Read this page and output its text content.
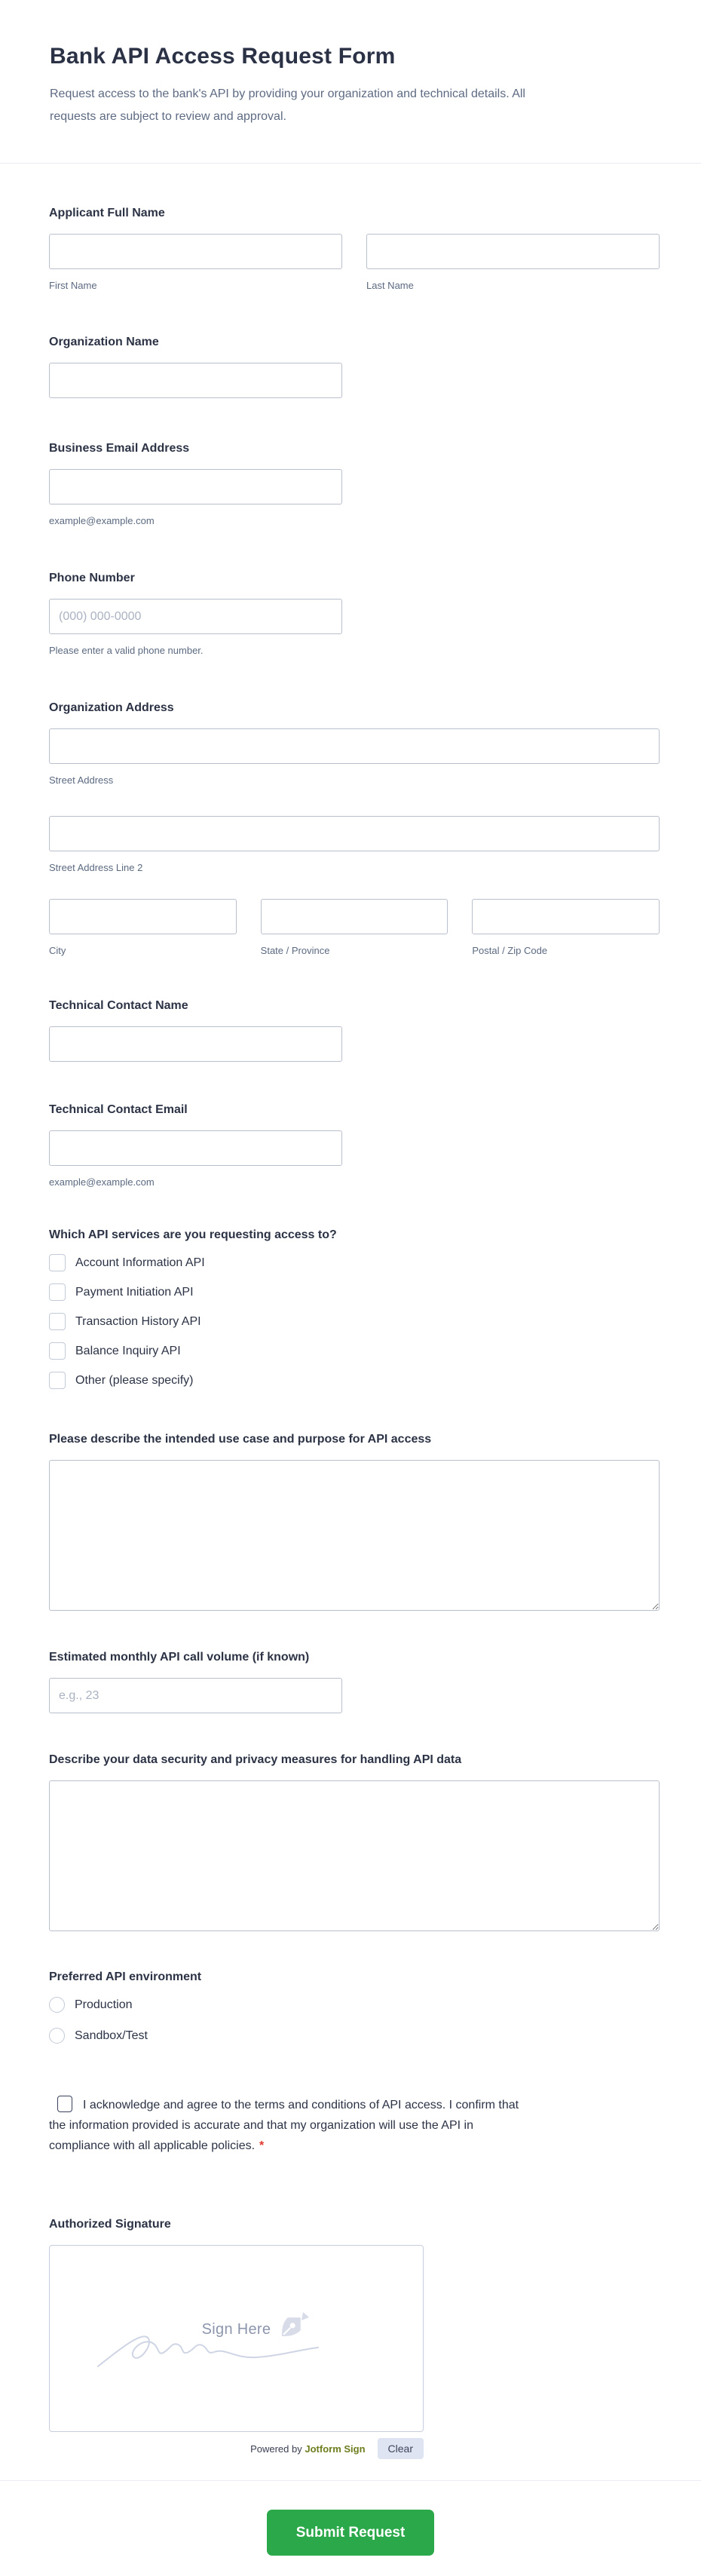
Bank API Access Request Form

Request access to the bank's API by providing your organization and technical details. All requests are subject to review and approval.

Applicant Full Name
First Name	Last Name
Organization Name
Business Email Address
example@example.com
Phone Number
(000) 000-0000
Please enter a valid phone number.
Organization Address
Street Address
Street Address Line 2
City	State / Province	Postal / Zip Code
Technical Contact Name
Technical Contact Email
example@example.com
Which API services are you requesting access to?
Account Information API
Payment Initiation API
Transaction History API
Balance Inquiry API
Other (please specify)
Please describe the intended use case and purpose for API access
Estimated monthly API call volume (if known)
e.g., 23
Describe your data security and privacy measures for handling API data
Preferred API environment
Production
Sandbox/Test

I acknowledge and agree to the terms and conditions of API access. I confirm that the information provided is accurate and that my organization will use the API in compliance with all applicable policies. *

Authorized Signature
Sign Here
Powered by Jotform Sign	Clear
Submit Request
